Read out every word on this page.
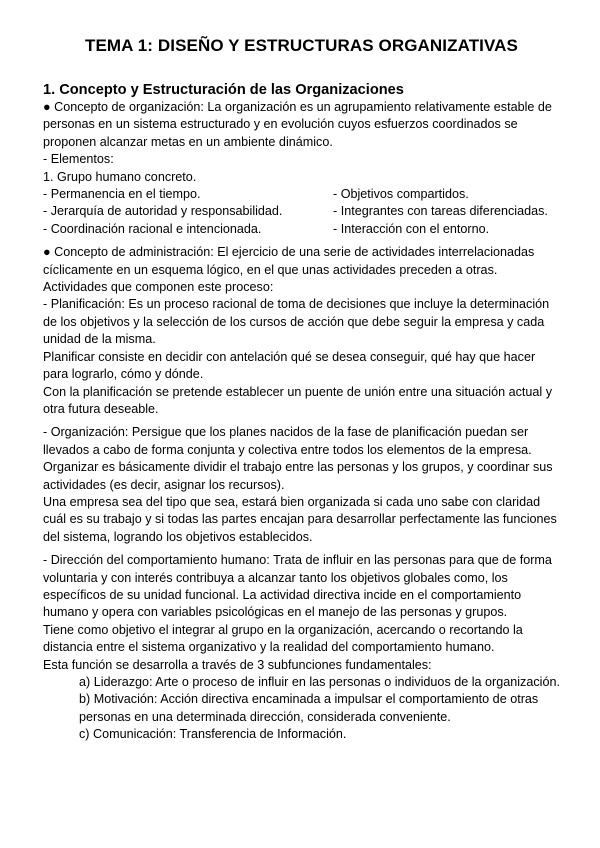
TEMA 1: DISEÑO Y ESTRUCTURAS ORGANIZATIVAS
1. Concepto y Estructuración de las Organizaciones

● Concepto de organización: La organización es un agrupamiento relativamente estable de personas en un sistema estructurado y en evolución cuyos esfuerzos coordinados se proponen alcanzar metas en un ambiente dinámico.

- Elementos:

1. Grupo humano concreto.

- Permanencia en el tiempo.	- Objetivos compartidos.
- Jerarquía de autoridad y responsabilidad.	- Integrantes con tareas diferenciadas.
- Coordinación racional e intencionada.	- Interacción con el entorno.

● Concepto de administración: El ejercicio de una serie de actividades interrelacionadas cíclicamente en un esquema lógico, en el que unas actividades preceden a otras.

Actividades que componen este proceso:

- Planificación: Es un proceso racional de toma de decisiones que incluye la determinación de los objetivos y la selección de los cursos de acción que debe seguir la empresa y cada unidad de la misma.

Planificar consiste en decidir con antelación qué se desea conseguir, qué hay que hacer para lograrlo, cómo y dónde.

Con la planificación se pretende establecer un puente de unión entre una situación actual y otra futura deseable.

- Organización: Persigue que los planes nacidos de la fase de planificación puedan ser llevados a cabo de forma conjunta y colectiva entre todos los elementos de la empresa.

Organizar es básicamente dividir el trabajo entre las personas y los grupos, y coordinar sus actividades (es decir, asignar los recursos).

Una empresa sea del tipo que sea, estará bien organizada si cada uno sabe con claridad cuál es su trabajo y si todas las partes encajan para desarrollar perfectamente las funciones del sistema, logrando los objetivos establecidos.

- Dirección del comportamiento humano: Trata de influir en las personas para que de forma voluntaria y con interés contribuya a alcanzar tanto los objetivos globales como, los específicos de su unidad funcional. La actividad directiva incide en el comportamiento humano y opera con variables psicológicas en el manejo de las personas y grupos.

Tiene como objetivo el integrar al grupo en la organización, acercando o recortando la distancia entre el sistema organizativo y la realidad del comportamiento humano.

Esta función se desarrolla a través de 3 subfunciones fundamentales:

a) Liderazgo: Arte o proceso de influir en las personas o individuos de la organización.

b) Motivación: Acción directiva encaminada a impulsar el comportamiento de otras personas en una determinada dirección, considerada conveniente.

c) Comunicación: Transferencia de Información.
